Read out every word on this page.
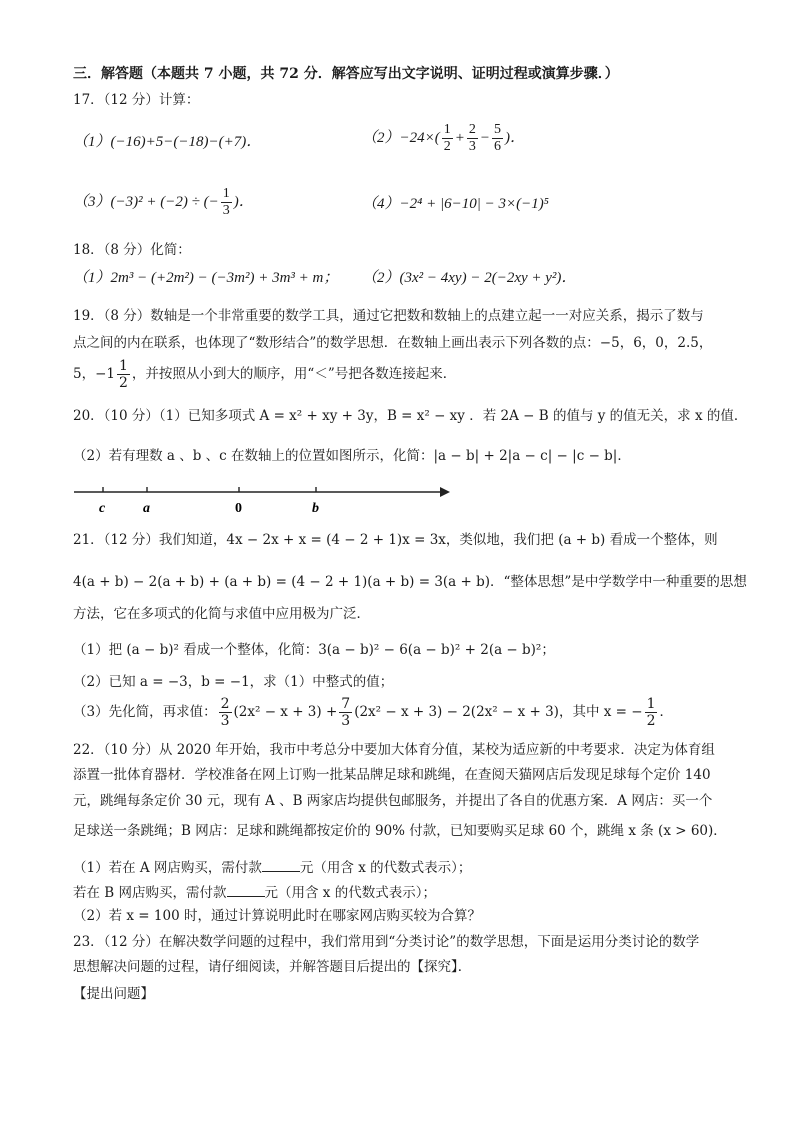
三．解答题（本题共 7 小题，共 72 分．解答应写出文字说明、证明过程或演算步骤．）
17．（12 分）计算：
（1）(−16)+5−(−18)−(+7)．	$(2)-24\times( \frac{1}{2} + \frac{2}{3} - \frac{5}{6}$ )．
（3）(−3)² + (−2) ÷ (− $\frac{1}{3}$ )．	（4）−2⁴ + |6−10| − 3×(−1)⁵
18．（8 分）化简：
（1）2m³ − (+2m²) − (−3m²) + 3m³ + m； （2）(3x² − 4xy) − 2(−2xy + y²)．
19．（8 分）数轴是一个非常重要的数学工具，通过它把数和数轴上的点建立起一一对应关系，揭示了数与
点之间的内在联系，也体现了“数形结合”的数学思想．在数轴上画出表示下列各数的点：−5，6，0，2.5，
5，$-1 \frac{1}{2}$ ，并按照从小到大的顺序，用“＜”号把各数连接起来．
20．（10 分）（1）已知多项式 A = x² + xy + 3y，B = x² − xy ．若 2A − B 的值与 y 的值无关，求 x 的值．
（2）若有理数 a 、b 、c 在数轴上的位置如图所示，化简：|a − b| + 2|a − c| − |c − b|．
c	a	0	b
21．（12 分）我们知道，4x − 2x + x = (4 − 2 + 1)x = 3x，类似地，我们把 (a + b) 看成一个整体，则
4(a + b) − 2(a + b) + (a + b) = (4 − 2 + 1)(a + b) = 3(a + b)．“整体思想”是中学数学中一种重要的思想
方法，它在多项式的化简与求值中应用极为广泛．
（1）把 (a − b)² 看成一个整体，化简：3(a − b)² − 6(a − b)² + 2(a − b)²；
（2）已知 a = −3，b = −1，求（1）中整式的值；
（3）先化简，再求值： $\frac{2}{3} (2x^2 - x + 3) + \frac{7}{3} (2x^2 - x + 3) - 2(2x^2 - x + 3)$，其中 x = − $\frac{1}{2}$ ．
22．（10 分）从 2020 年开始，我市中考总分中要加大体育分值，某校为适应新的中考要求．决定为体育组
添置一批体育器材．学校准备在网上订购一批某品牌足球和跳绳，在查阅天猫网店后发现足球每个定价 140
元，跳绳每条定价 30 元，现有 A 、B 两家店均提供包邮服务，并提出了各自的优惠方案．A 网店：买一个
足球送一条跳绳；B 网店：足球和跳绳都按定价的 90% 付款，已知要购买足球 60 个，跳绳 x 条 (x > 60)．
（1）若在 A 网店购买，需付款	元（用含 x 的代数式表示）；
若在 B 网店购买，需付款	元（用含 x 的代数式表示）；
（2）若 x = 100 时，通过计算说明此时在哪家网店购买较为合算？
23．（12 分）在解决数学问题的过程中，我们常用到“分类讨论”的数学思想，下面是运用分类讨论的数学
思想解决问题的过程，请仔细阅读，并解答题目后提出的【探究】．
【提出问题】
